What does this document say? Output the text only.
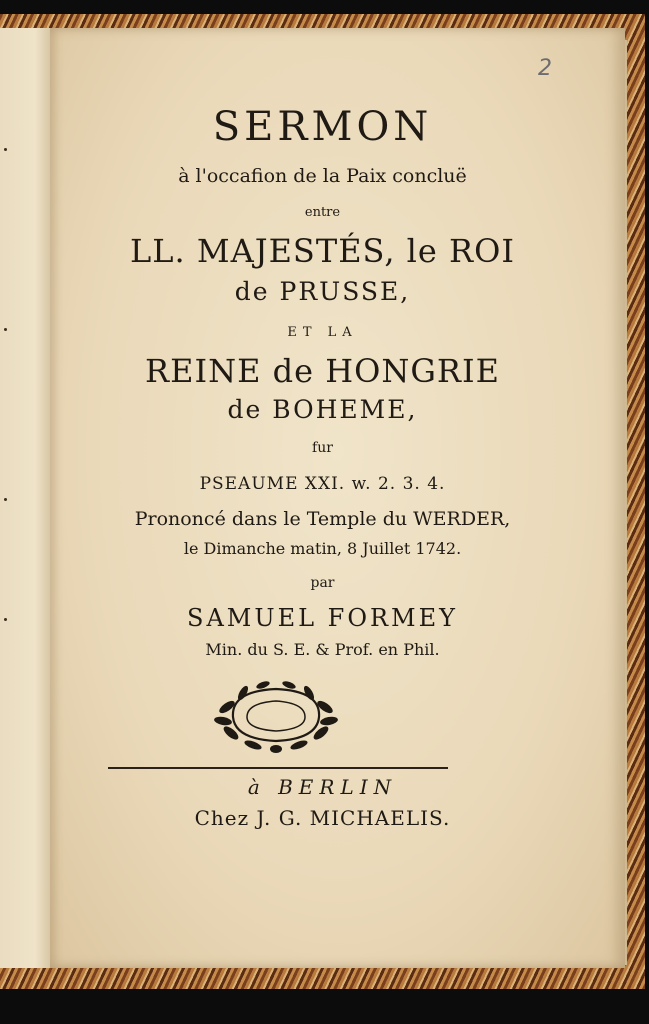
2
SERMON
à l'occafion de la Paix concluë
entre
LL. MAJESTÉS, le ROI
de PRUSSE,
ET LA
REINE de HONGRIE
de BOHEME,
fur
PSEAUME XXI. w. 2. 3. 4.
Prononcé dans le Temple du WERDER,
le Dimanche matin, 8 Juillet 1742.
par
SAMUEL FORMEY
Min. du S. E. & Prof. en Phil.
à BERLIN
Chez J. G. MICHAELIS.
